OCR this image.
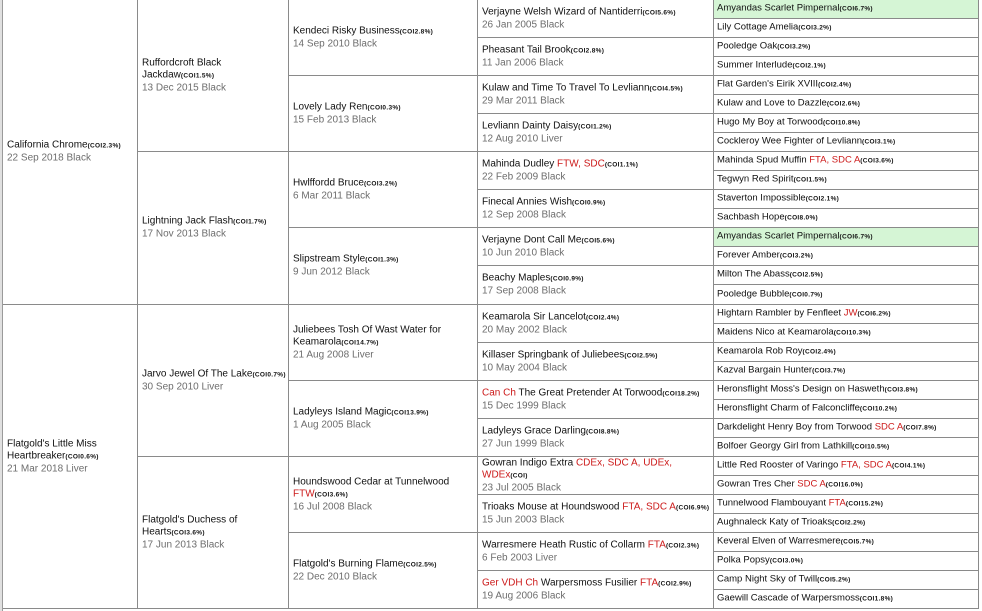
California Chrome(COI2.3%)
22 Sep 2018 Black
Flatgold's Little Miss Heartbreaker(COI0.6%)
21 Mar 2018 Liver
Ruffordcroft Black Jackdaw(COI1.5%)
13 Dec 2015 Black
Lightning Jack Flash(COI1.7%)
17 Nov 2013 Black
Jarvo Jewel Of The Lake(COI0.7%)
30 Sep 2010 Liver
Flatgold's Duchess of Hearts(COI3.6%)
17 Jun 2013 Black
Kendeci Risky Business(COI2.8%)
14 Sep 2010 Black
Lovely Lady Ren(COI0.3%)
15 Feb 2013 Black
Hwlffordd Bruce(COI3.2%)
6 Mar 2011 Black
Slipstream Style(COI1.3%)
9 Jun 2012 Black
Juliebees Tosh Of Wast Water for Keamarola(COI14.7%)
21 Aug 2008 Liver
Ladyleys Island Magic(COI13.9%)
1 Aug 2005 Black
Houndswood Cedar at Tunnelwood FTW(COI3.6%)
16 Jul 2008 Black
Flatgold's Burning Flame(COI2.5%)
22 Dec 2010 Black
Verjayne Welsh Wizard of Nantiderri(COI5.6%)
26 Jan 2005 Black
Pheasant Tail Brook(COI2.8%)
11 Jan 2006 Black
Kulaw and Time To Travel To Levliann(COI4.5%)
29 Mar 2011 Black
Levliann Dainty Daisy(COI1.2%)
12 Aug 2010 Liver
Mahinda Dudley FTW, SDC(COI1.1%)
22 Feb 2009 Black
Finecal Annies Wish(COI0.9%)
12 Sep 2008 Black
Verjayne Dont Call Me(COI5.6%)
10 Jun 2010 Black
Beachy Maples(COI0.9%)
17 Sep 2008 Black
Keamarola Sir Lancelot(COI2.4%)
20 May 2002 Black
Killaser Springbank of Juliebees(COI2.5%)
10 May 2004 Black
Can Ch The Great Pretender At Torwood(COI18.2%)
15 Dec 1999 Black
Ladyleys Grace Darling(COI8.8%)
27 Jun 1999 Black
Gowran Indigo Extra CDEx, SDC A, UDEx, WDEx(COI)
23 Jul 2005 Black
Trioaks Mouse at Houndswood FTA, SDC A(COI6.9%)
15 Jun 2003 Black
Warresmere Heath Rustic of Collarm FTA(COI2.3%)
6 Feb 2003 Liver
Ger VDH Ch Warpersmoss Fusilier FTA(COI2.9%)
19 Aug 2006 Black
Amyandas Scarlet Pimpernal(COI6.7%)
Lily Cottage Amelia(COI3.2%)
Pooledge Oak(COI3.2%)
Summer Interlude(COI2.1%)
Flat Garden's Eirik XVIII(COI2.4%)
Kulaw and Love to Dazzle(COI2.6%)
Hugo My Boy at Torwood(COI10.8%)
Cockleroy Wee Fighter of Levliann(COI3.1%)
Mahinda Spud Muffin FTA, SDC A(COI3.6%)
Tegwyn Red Spirit(COI1.5%)
Staverton Impossible(COI2.1%)
Sachbash Hope(COI8.0%)
Amyandas Scarlet Pimpernal(COI6.7%)
Forever Amber(COI3.2%)
Milton The Abass(COI2.5%)
Pooledge Bubble(COI0.7%)
Hightarn Rambler by Fenfleet JW(COI6.2%)
Maidens Nico at Keamarola(COI10.3%)
Keamarola Rob Roy(COI2.4%)
Kazval Bargain Hunter(COI3.7%)
Heronsflight Moss's Design on Hasweth(COI3.8%)
Heronsflight Charm of Falconcliffe(COI10.2%)
Darkdelight Henry Boy from Torwood SDC A(COI7.8%)
Bolfoer Georgy Girl from Lathkill(COI10.5%)
Little Red Rooster of Varingo FTA, SDC A(COI4.1%)
Gowran Tres Cher SDC A(COI16.0%)
Tunnelwood Flambouyant FTA(COI15.2%)
Aughnaleck Katy of Trioaks(COI2.2%)
Keveral Elven of Warresmere(COI5.7%)
Polka Popsy(COI3.0%)
Camp Night Sky of Twill(COI5.2%)
Gaewill Cascade of Warpersmoss(COI1.8%)
